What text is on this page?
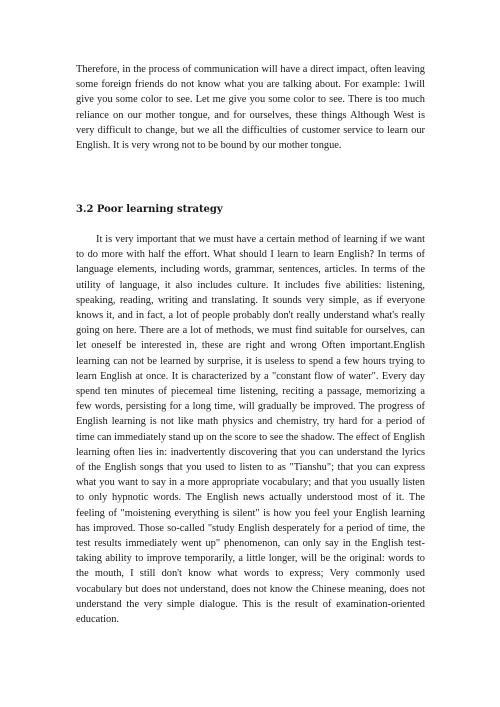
Therefore, in the process of communication will have a direct impact, often leaving some foreign friends do not know what you are talking about. For example: 1will give you some color to see. Let me give you some color to see. There is too much reliance on our mother tongue, and for ourselves, these things Although West is very difficult to change, but we all the difficulties of customer service to learn our English. It is very wrong not to be bound by our mother tongue.

3.2 Poor learning strategy

It is very important that we must have a certain method of learning if we want to do more with half the effort. What should I learn to learn English? In terms of language elements, including words, grammar, sentences, articles. In terms of the utility of language, it also includes culture. It includes five abilities: listening, speaking, reading, writing and translating. It sounds very simple, as if everyone knows it, and in fact, a lot of people probably don't really understand what's really going on here. There are a lot of methods, we must find suitable for ourselves, can let oneself be interested in, these are right and wrong Often important.English learning can not be learned by surprise, it is useless to spend a few hours trying to learn English at once. It is characterized by a "constant flow of water". Every day spend ten minutes of piecemeal time listening, reciting a passage, memorizing a few words, persisting for a long time, will gradually be improved. The progress of English learning is not like math physics and chemistry, try hard for a period of time can immediately stand up on the score to see the shadow. The effect of English learning often lies in: inadvertently discovering that you can understand the lyrics of the English songs that you used to listen to as "Tianshu"; that you can express what you want to say in a more appropriate vocabulary; and that you usually listen to only hypnotic words. The English news actually understood most of it. The feeling of "moistening everything is silent" is how you feel your English learning has improved. Those so-called "study English desperately for a period of time, the test results immediately went up" phenomenon, can only say in the English test-taking ability to improve temporarily, a little longer, will be the original: words to the mouth, I still don't know what words to express; Very commonly used vocabulary but does not understand, does not know the Chinese meaning, does not understand the very simple dialogue. This is the result of examination-oriented education.
